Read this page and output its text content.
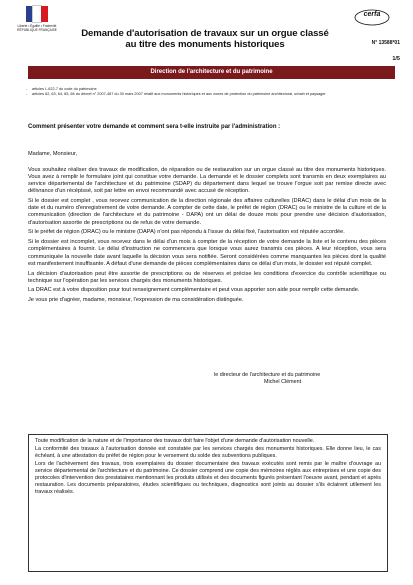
Liberté • Égalité • Fraternité
RÉPUBLIQUE FRANÇAISE	Demande d'autorisation de travaux sur un orgue classé
au titre des monuments historiques
cerfa
N° 13588*01
1/5
Direction de l'architecture et du patrimoine
- articles L.622-7 du code du patrimoine
- articles 62, 63, 64, 65, 66 du décret n° 2007-487 du 30 mars 2007 relatif aux monuments historiques et aux zones de protection du patrimoine architectural, urbain et paysager
Comment présenter votre demande et comment sera t-elle instruite par l'administration :

Madame, Monsieur,

Vous souhaitez réaliser des travaux de modification, de réparation ou de restauration sur un orgue classé au titre des monuments historiques. Vous avez à remplir le formulaire joint qui constitue votre demande. La demande et le dossier complets sont transmis en deux exemplaires au service départemental de l'architecture et du patrimoine (SDAP) du département dans lequel se trouve l'orgue soit par remise directe avec délivrance d'un récépissé, soit par lettre en envoi recommandé avec accusé de réception.

Si le dossier est complet , vous recevez communication de la direction régionale des affaires culturelles (DRAC) dans le délai d'un mois de la date et du numéro d'enregistrement de votre demande. A compter de cette date, le préfet de région (DRAC) ou le ministre de la culture et de la communication (direction de l'architecture et du patrimoine - DAPA) ont un délai de douze mois pour prendre une décision d'autorisation, d'autorisation assortie de prescriptions ou de refus de votre demande.

Si le préfet de région (DRAC) ou le ministre (DAPA) n'ont pas répondu à l'issue du délai fixé, l'autorisation est réputée accordée.

Si le dossier est incomplet, vous recevez dans le délai d'un mois à compter de la réception de votre demande la liste et le contenu des pièces complémentaires à fournir. Le délai d'instruction ne commencera que lorsque vous aurez transmis ces pièces. A leur réception, vous sera communiquée la nouvelle date avant laquelle la décision vous sera notifiée. Seront considérées comme manquantes les pièces dont la qualité est manifestement insuffisante. A défaut d'une demande de pièces complémentaires dans ce délai d'un mois, le dossier est réputé complet.

La décision d'autorisation peut être assortie de prescriptions ou de réserves et précise les conditions d'exercice du contrôle scientifique ou technique sur l'opération par les services chargés des monuments historiques.

La DRAC est à votre disposition pour tout renseignement complémentaire et peut vous apporter son aide pour remplir cette demande.

Je vous prie d'agréer, madame, monsieur, l'expression de ma considération distinguée.

le directeur de l'architecture et du patrimoine
Michel Clément

Toute modification de la nature et de l'importance des travaux doit faire l'objet d'une demande d'autorisation nouvelle.

La conformité des travaux à l'autorisation donnée est constatée par les services chargés des monuments historiques. Elle donne lieu, le cas échéant, à une attestation du préfet de région pour le versement du solde des subventions publiques.

Lors de l'achèvement des travaux, trois exemplaires du dossier documentaire des travaux exécutés sont remis par le maître d'ouvrage au service départemental de l'architecture et du patrimoine. Ce dossier comprend une copie des mémoires réglés aux entreprises et une copie des protocoles d'intervention des prestataires mentionnant les produits utilisés et des documents figurés présentant l'oeuvre avant, pendant et après restauration. Les documents préparatoires, études scientifiques ou techniques, diagnostics sont joints au dossier s'ils éclairent utilement les travaux réalisés.
